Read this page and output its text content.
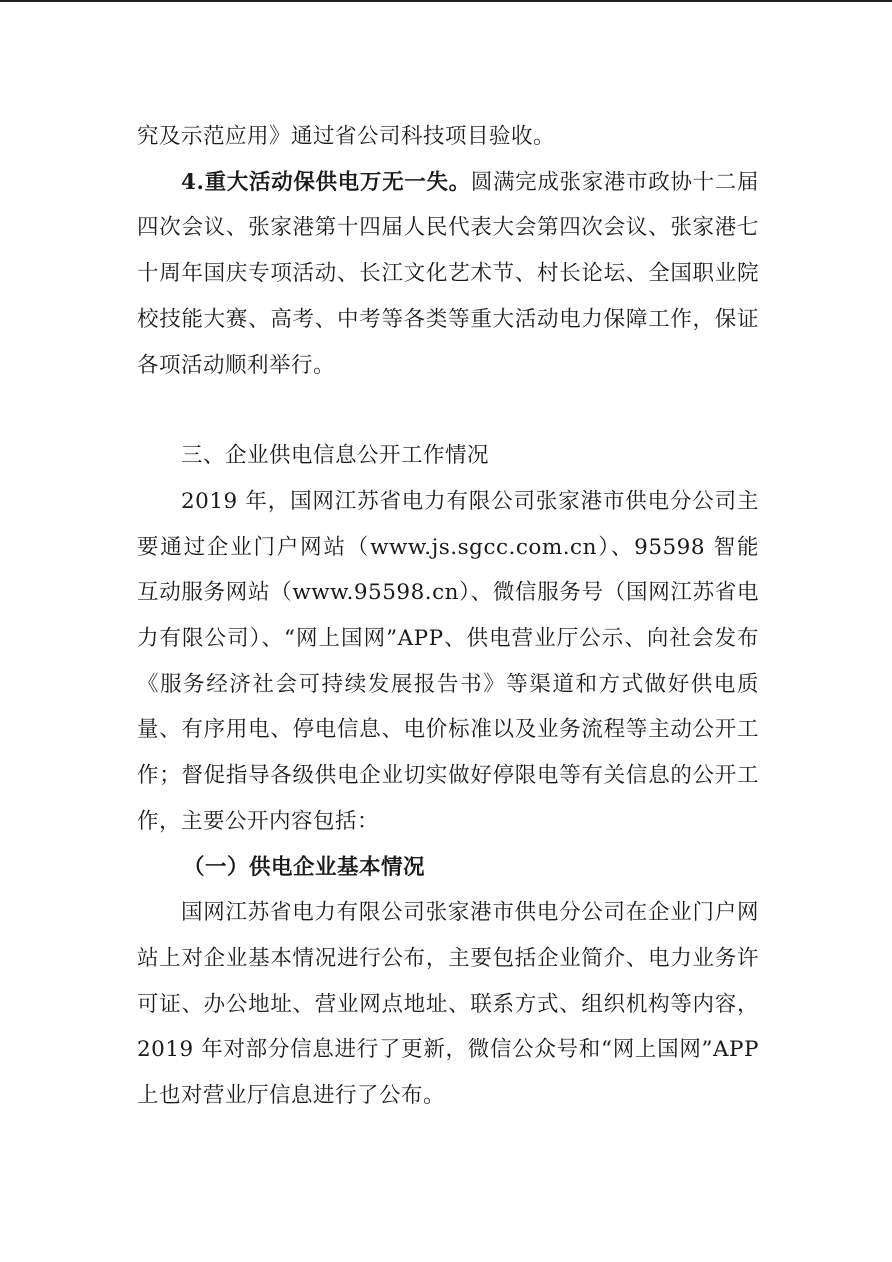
究及示范应用》通过省公司科技项目验收。

4.重大活动保供电万无一失。圆满完成张家港市政协十二届四次会议、张家港第十四届人民代表大会第四次会议、张家港七十周年国庆专项活动、长江文化艺术节、村长论坛、全国职业院校技能大赛、高考、中考等各类等重大活动电力保障工作，保证各项活动顺利举行。

三、企业供电信息公开工作情况

2019 年，国网江苏省电力有限公司张家港市供电分公司主要通过企业门户网站（www.js.sgcc.com.cn）、95598 智能互动服务网站（www.95598.cn）、微信服务号（国网江苏省电力有限公司）、“网上国网”APP、供电营业厅公示、向社会发布《服务经济社会可持续发展报告书》等渠道和方式做好供电质量、有序用电、停电信息、电价标准以及业务流程等主动公开工作；督促指导各级供电企业切实做好停限电等有关信息的公开工作，主要公开内容包括：

（一）供电企业基本情况

国网江苏省电力有限公司张家港市供电分公司在企业门户网站上对企业基本情况进行公布，主要包括企业简介、电力业务许可证、办公地址、营业网点地址、联系方式、组织机构等内容，2019 年对部分信息进行了更新，微信公众号和“网上国网”APP 上也对营业厅信息进行了公布。
